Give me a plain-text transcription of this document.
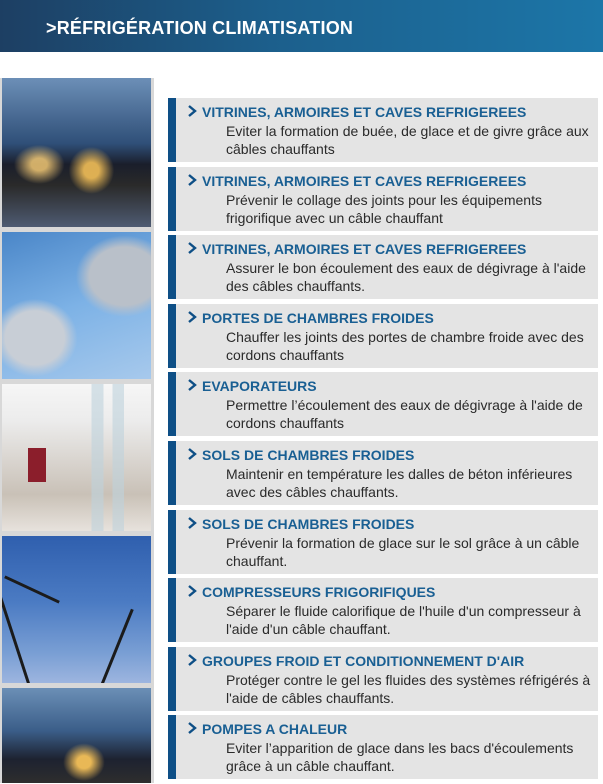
>RÉFRIGÉRATION CLIMATISATION
VITRINES, ARMOIRES ET CAVES REFRIGEREES
Eviter la formation de buée, de glace et de givre grâce aux câbles chauffants
VITRINES, ARMOIRES ET CAVES REFRIGEREES
Prévenir le collage des joints pour les équipements frigorifique avec un câble chauffant
VITRINES, ARMOIRES ET CAVES REFRIGEREES
Assurer le bon écoulement des eaux de dégivrage à l'aide des câbles chauffants.
PORTES DE CHAMBRES FROIDES
Chauffer les joints des portes de chambre froide avec des cordons chauffants
EVAPORATEURS
Permettre l’écoulement des eaux de dégivrage à l'aide de cordons chauffants
SOLS DE CHAMBRES FROIDES
Maintenir en température les dalles de béton inférieures avec des câbles chauffants.
SOLS DE CHAMBRES FROIDES
Prévenir la formation de glace sur le sol grâce à un câble chauffant.
COMPRESSEURS FRIGORIFIQUES
Séparer le fluide calorifique de l'huile d'un compresseur à l'aide d'un câble chauffant.
GROUPES FROID ET CONDITIONNEMENT D'AIR
Protéger contre le gel les fluides des systèmes réfrigérés à l'aide de câbles chauffants.
POMPES A CHALEUR
Eviter l’apparition de glace dans les bacs d'écoulements grâce à un câble chauffant.
